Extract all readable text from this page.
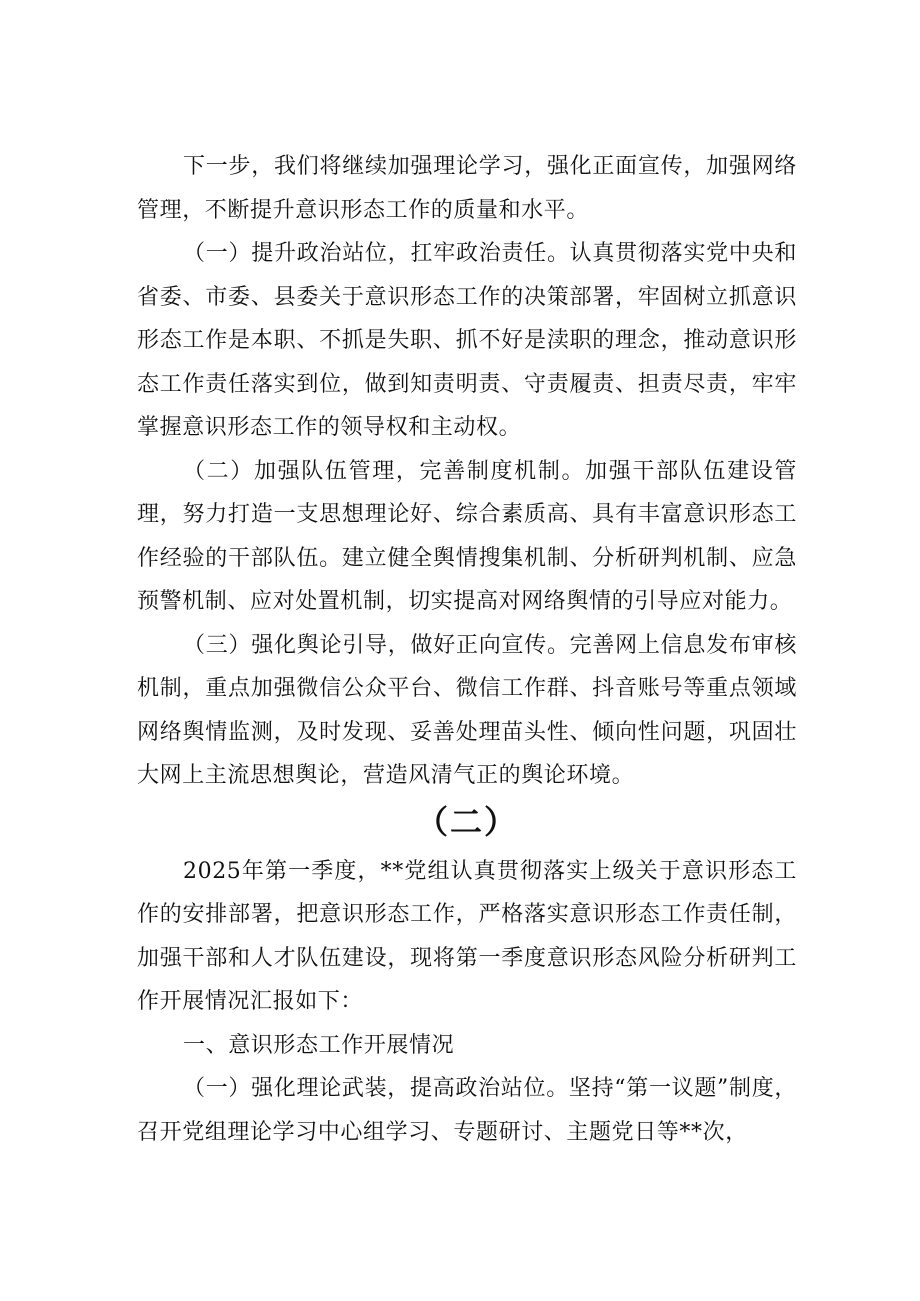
下一步，我们将继续加强理论学习，强化正面宣传，加强网络管理，不断提升意识形态工作的质量和水平。

（一）提升政治站位，扛牢政治责任。认真贯彻落实党中央和省委、市委、县委关于意识形态工作的决策部署，牢固树立抓意识形态工作是本职、不抓是失职、抓不好是渎职的理念，推动意识形态工作责任落实到位，做到知责明责、守责履责、担责尽责，牢牢掌握意识形态工作的领导权和主动权。

（二）加强队伍管理，完善制度机制。加强干部队伍建设管理，努力打造一支思想理论好、综合素质高、具有丰富意识形态工作经验的干部队伍。建立健全舆情搜集机制、分析研判机制、应急预警机制、应对处置机制，切实提高对网络舆情的引导应对能力。

（三）强化舆论引导，做好正向宣传。完善网上信息发布审核机制，重点加强微信公众平台、微信工作群、抖音账号等重点领域网络舆情监测，及时发现、妥善处理苗头性、倾向性问题，巩固壮大网上主流思想舆论，营造风清气正的舆论环境。

（二）

2025年第一季度，**党组认真贯彻落实上级关于意识形态工作的安排部署，把意识形态工作，严格落实意识形态工作责任制，加强干部和人才队伍建设，现将第一季度意识形态风险分析研判工作开展情况汇报如下：

一、意识形态工作开展情况

（一）强化理论武装，提高政治站位。坚持“第一议题”制度，召开党组理论学习中心组学习、专题研讨、主题党日等**次，
